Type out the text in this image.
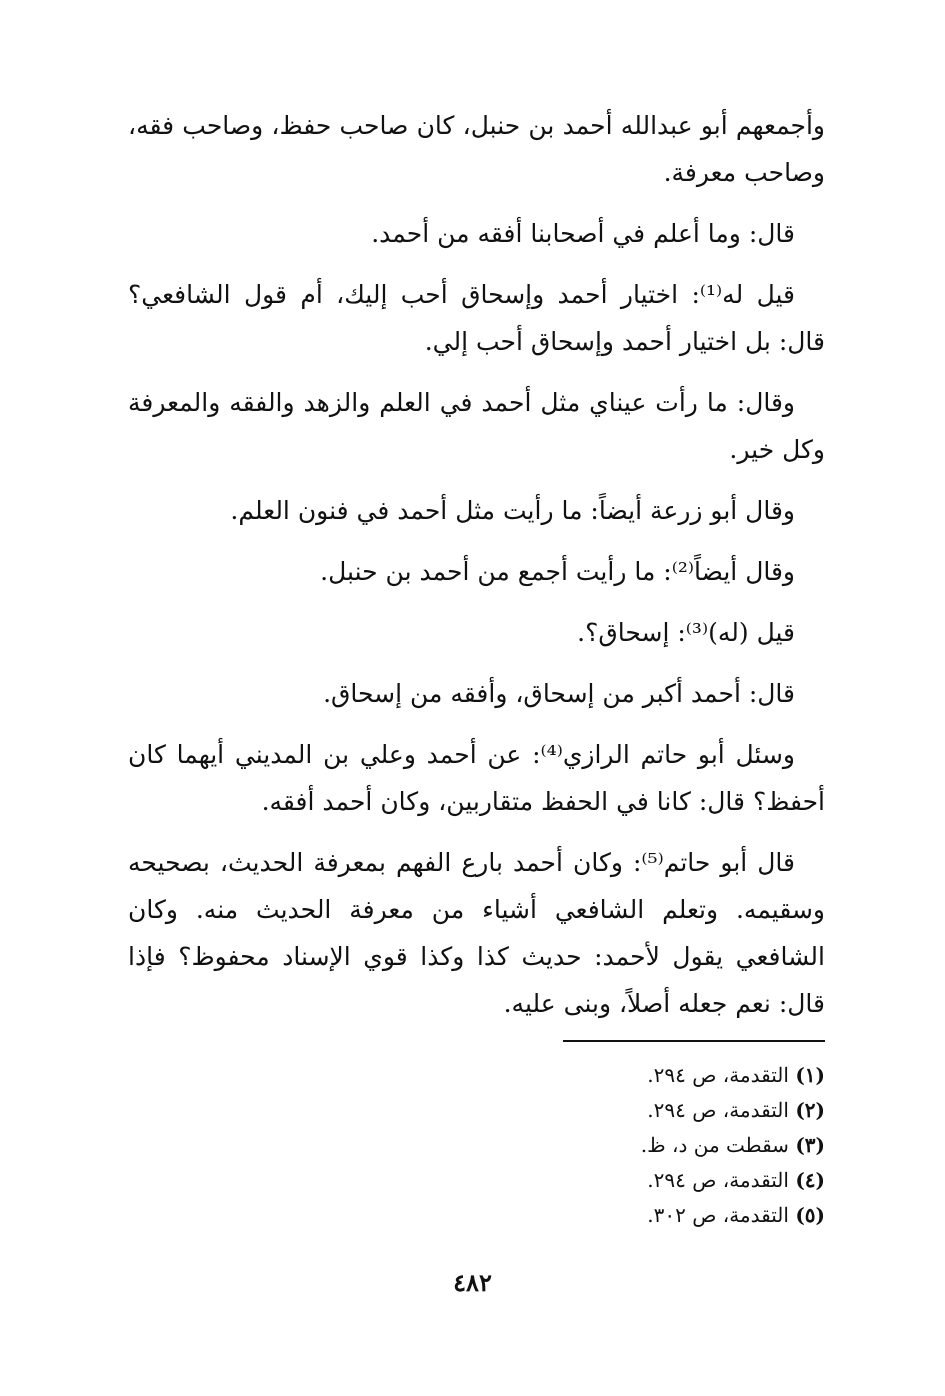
وأجمعهم أبو عبدالله أحمد بن حنبل، كان صاحب حفظ، وصاحب فقه، وصاحب معرفة.

قال: وما أعلم في أصحابنا أفقه من أحمد.

قيل له⁽¹⁾: اختيار أحمد وإسحاق أحب إليك، أم قول الشافعي؟ قال: بل اختيار أحمد وإسحاق أحب إلي.

وقال: ما رأت عيناي مثل أحمد في العلم والزهد والفقه والمعرفة وكل خير.

وقال أبو زرعة أيضاً: ما رأيت مثل أحمد في فنون العلم.

وقال أيضاً⁽²⁾: ما رأيت أجمع من أحمد بن حنبل.

قيل (له)⁽³⁾: إسحاق؟.

قال: أحمد أكبر من إسحاق، وأفقه من إسحاق.

وسئل أبو حاتم الرازي⁽⁴⁾: عن أحمد وعلي بن المديني أيهما كان أحفظ؟ قال: كانا في الحفظ متقاربين، وكان أحمد أفقه.

قال أبو حاتم⁽⁵⁾: وكان أحمد بارع الفهم بمعرفة الحديث، بصحيحه وسقيمه. وتعلم الشافعي أشياء من معرفة الحديث منه. وكان الشافعي يقول لأحمد: حديث كذا وكذا قوي الإسناد محفوظ؟ فإذا قال: نعم جعله أصلاً، وبنى عليه.

(١) التقدمة، ص ٢٩٤.
(٢) التقدمة، ص ٢٩٤.
(٣) سقطت من د، ظ.
(٤) التقدمة، ص ٢٩٤.
(٥) التقدمة، ص ٣٠٢.
٤٨٢
